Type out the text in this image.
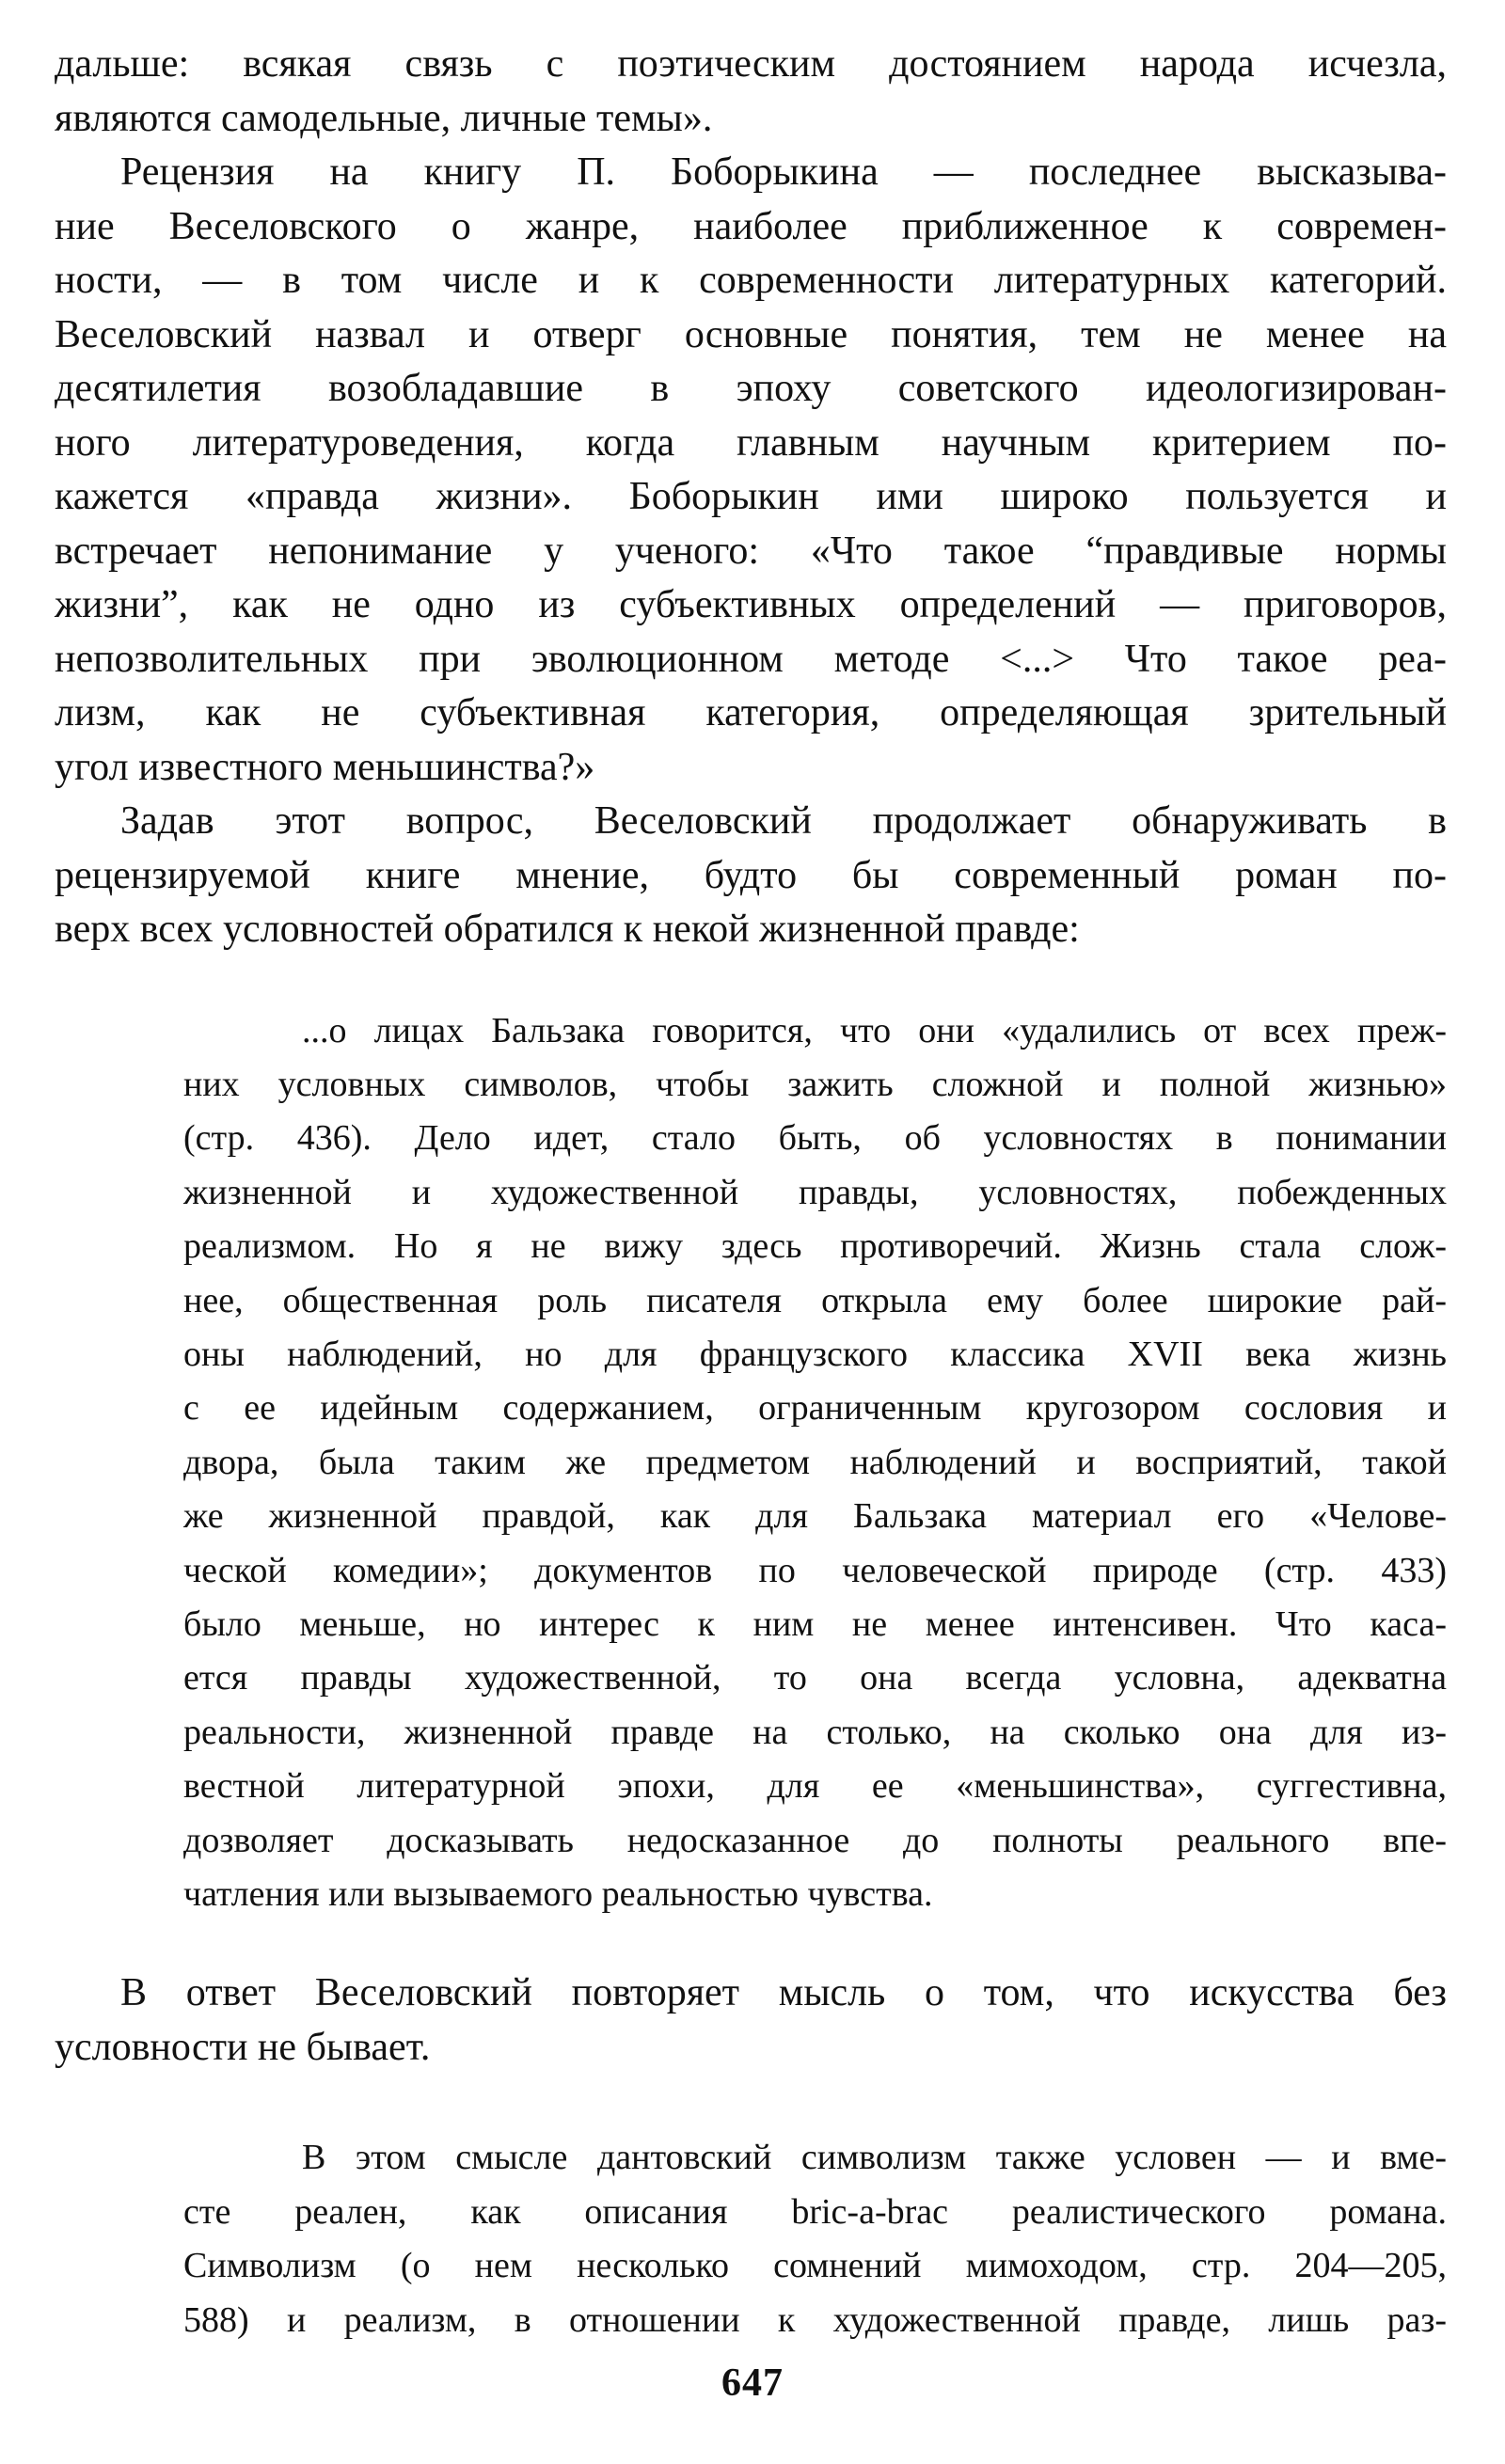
дальше: всякая связь с поэтическим достоянием народа исчезла,
являются самодельные, личные темы».
Рецензия на книгу П. Боборыкина — последнее высказыва-
ние Веселовского о жанре, наиболее приближенное к современ-
ности, — в том числе и к современности литературных категорий.
Веселовский назвал и отверг основные понятия, тем не менее на
десятилетия возобладавшие в эпоху советского идеологизирован-
ного литературоведения, когда главным научным критерием по-
кажется «правда жизни». Боборыкин ими широко пользуется и
встречает непонимание у ученого: «Что такое “правдивые нормы
жизни”, как не одно из субъективных определений — приговоров,
непозволительных при эволюционном методе <...> Что такое реа-
лизм, как не субъективная категория, определяющая зрительный
угол известного меньшинства?»
Задав этот вопрос, Веселовский продолжает обнаруживать в
рецензируемой книге мнение, будто бы современный роман по-
верх всех условностей обратился к некой жизненной правде:
...о лицах Бальзака говорится, что они «удалились от всех преж-
них условных символов, чтобы зажить сложной и полной жизнью»
(стр. 436). Дело идет, стало быть, об условностях в понимании
жизненной и художественной правды, условностях, побежденных
реализмом. Но я не вижу здесь противоречий. Жизнь стала слож-
нее, общественная роль писателя открыла ему более широкие рай-
оны наблюдений, но для французского классика XVII века жизнь
с ее идейным содержанием, ограниченным кругозором сословия и
двора, была таким же предметом наблюдений и восприятий, такой
же жизненной правдой, как для Бальзака материал его «Челове-
ческой комедии»; документов по человеческой природе (стр. 433)
было меньше, но интерес к ним не менее интенсивен. Что каса-
ется правды художественной, то она всегда условна, адекватна
реальности, жизненной правде на столько, на сколько она для из-
вестной литературной эпохи, для ее «меньшинства», суггестивна,
дозволяет досказывать недосказанное до полноты реального впе-
чатления или вызываемого реальностью чувства.
В ответ Веселовский повторяет мысль о том, что искусства без
условности не бывает.
В этом смысле дантовский символизм также условен — и вме-
сте реален, как описания bric-a-brac реалистического романа.
Символизм (о нем несколько сомнений мимоходом, стр. 204—205,
588) и реализм, в отношении к художественной правде, лишь раз-
647
